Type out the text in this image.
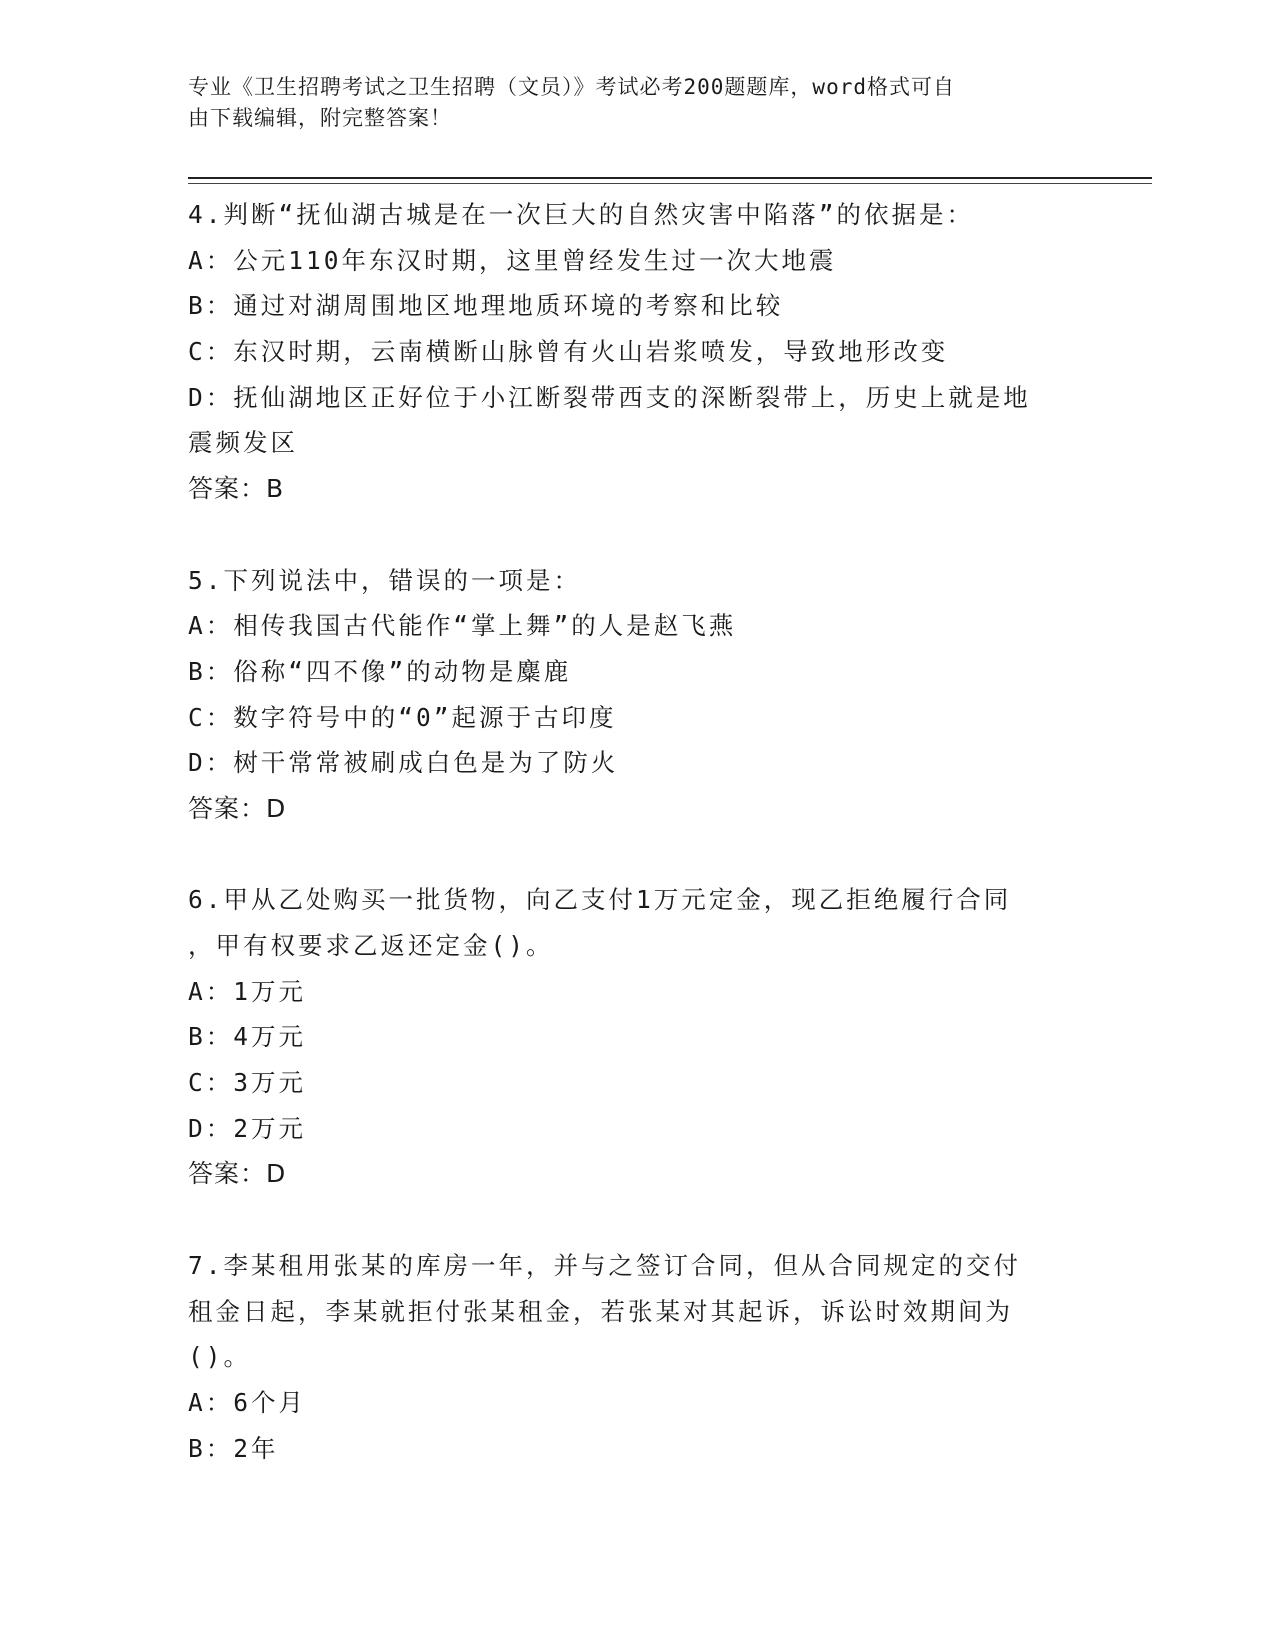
专业《卫生招聘考试之卫生招聘（文员）》考试必考200题题库，word格式可自
由下载编辑，附完整答案！
4.判断“抚仙湖古城是在一次巨大的自然灾害中陷落”的依据是：
A：公元110年东汉时期，这里曾经发生过一次大地震
B：通过对湖周围地区地理地质环境的考察和比较
C：东汉时期，云南横断山脉曾有火山岩浆喷发，导致地形改变
D：抚仙湖地区正好位于小江断裂带西支的深断裂带上，历史上就是地
震频发区
答案：B
5.下列说法中，错误的一项是：
A：相传我国古代能作“掌上舞”的人是赵飞燕
B：俗称“四不像”的动物是麋鹿
C：数字符号中的“0”起源于古印度
D：树干常常被刷成白色是为了防火
答案：D
6.甲从乙处购买一批货物，向乙支付1万元定金，现乙拒绝履行合同
，甲有权要求乙返还定金()。
A：1万元
B：4万元
C：3万元
D：2万元
答案：D
7.李某租用张某的库房一年，并与之签订合同，但从合同规定的交付
租金日起，李某就拒付张某租金，若张某对其起诉，诉讼时效期间为
()。
A：6个月
B：2年
